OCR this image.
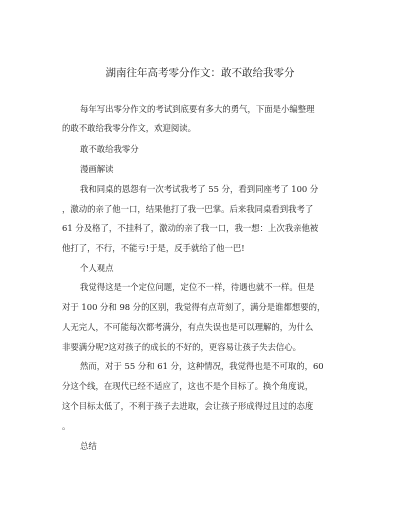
湖南往年高考零分作文：敢不敢给我零分
每年写出零分作文的考试到底要有多大的勇气，下面是小编整理
的敢不敢给我零分作文，欢迎阅读。
敢不敢给我零分
漫画解读
我和同桌的恩怨有一次考试我考了 55 分，看到同座考了 100 分
，激动的亲了他一口，结果他打了我一巴掌。后来我同桌看到我考了
61 分及格了，不挂科了，激动的亲了我一口，我一想：上次我亲他被
他打了，不行，不能亏!于是，反手就给了他一巴!
个人观点
我觉得这是一个定位问题，定位不一样，待遇也就不一样。但是
对于 100 分和 98 分的区别，我觉得有点苛刻了，满分是谁都想要的，
人无完人，不可能每次都考满分，有点失误也是可以理解的，为什么
非要满分呢?这对孩子的成长的不好的，更容易让孩子失去信心。
然而，对于 55 分和 61 分，这种情况，我觉得也是不可取的，60
分这个线，在现代已经不适应了，这也不是个目标了。换个角度说，
这个目标太低了，不利于孩子去进取，会让孩子形成得过且过的态度
。
总结
